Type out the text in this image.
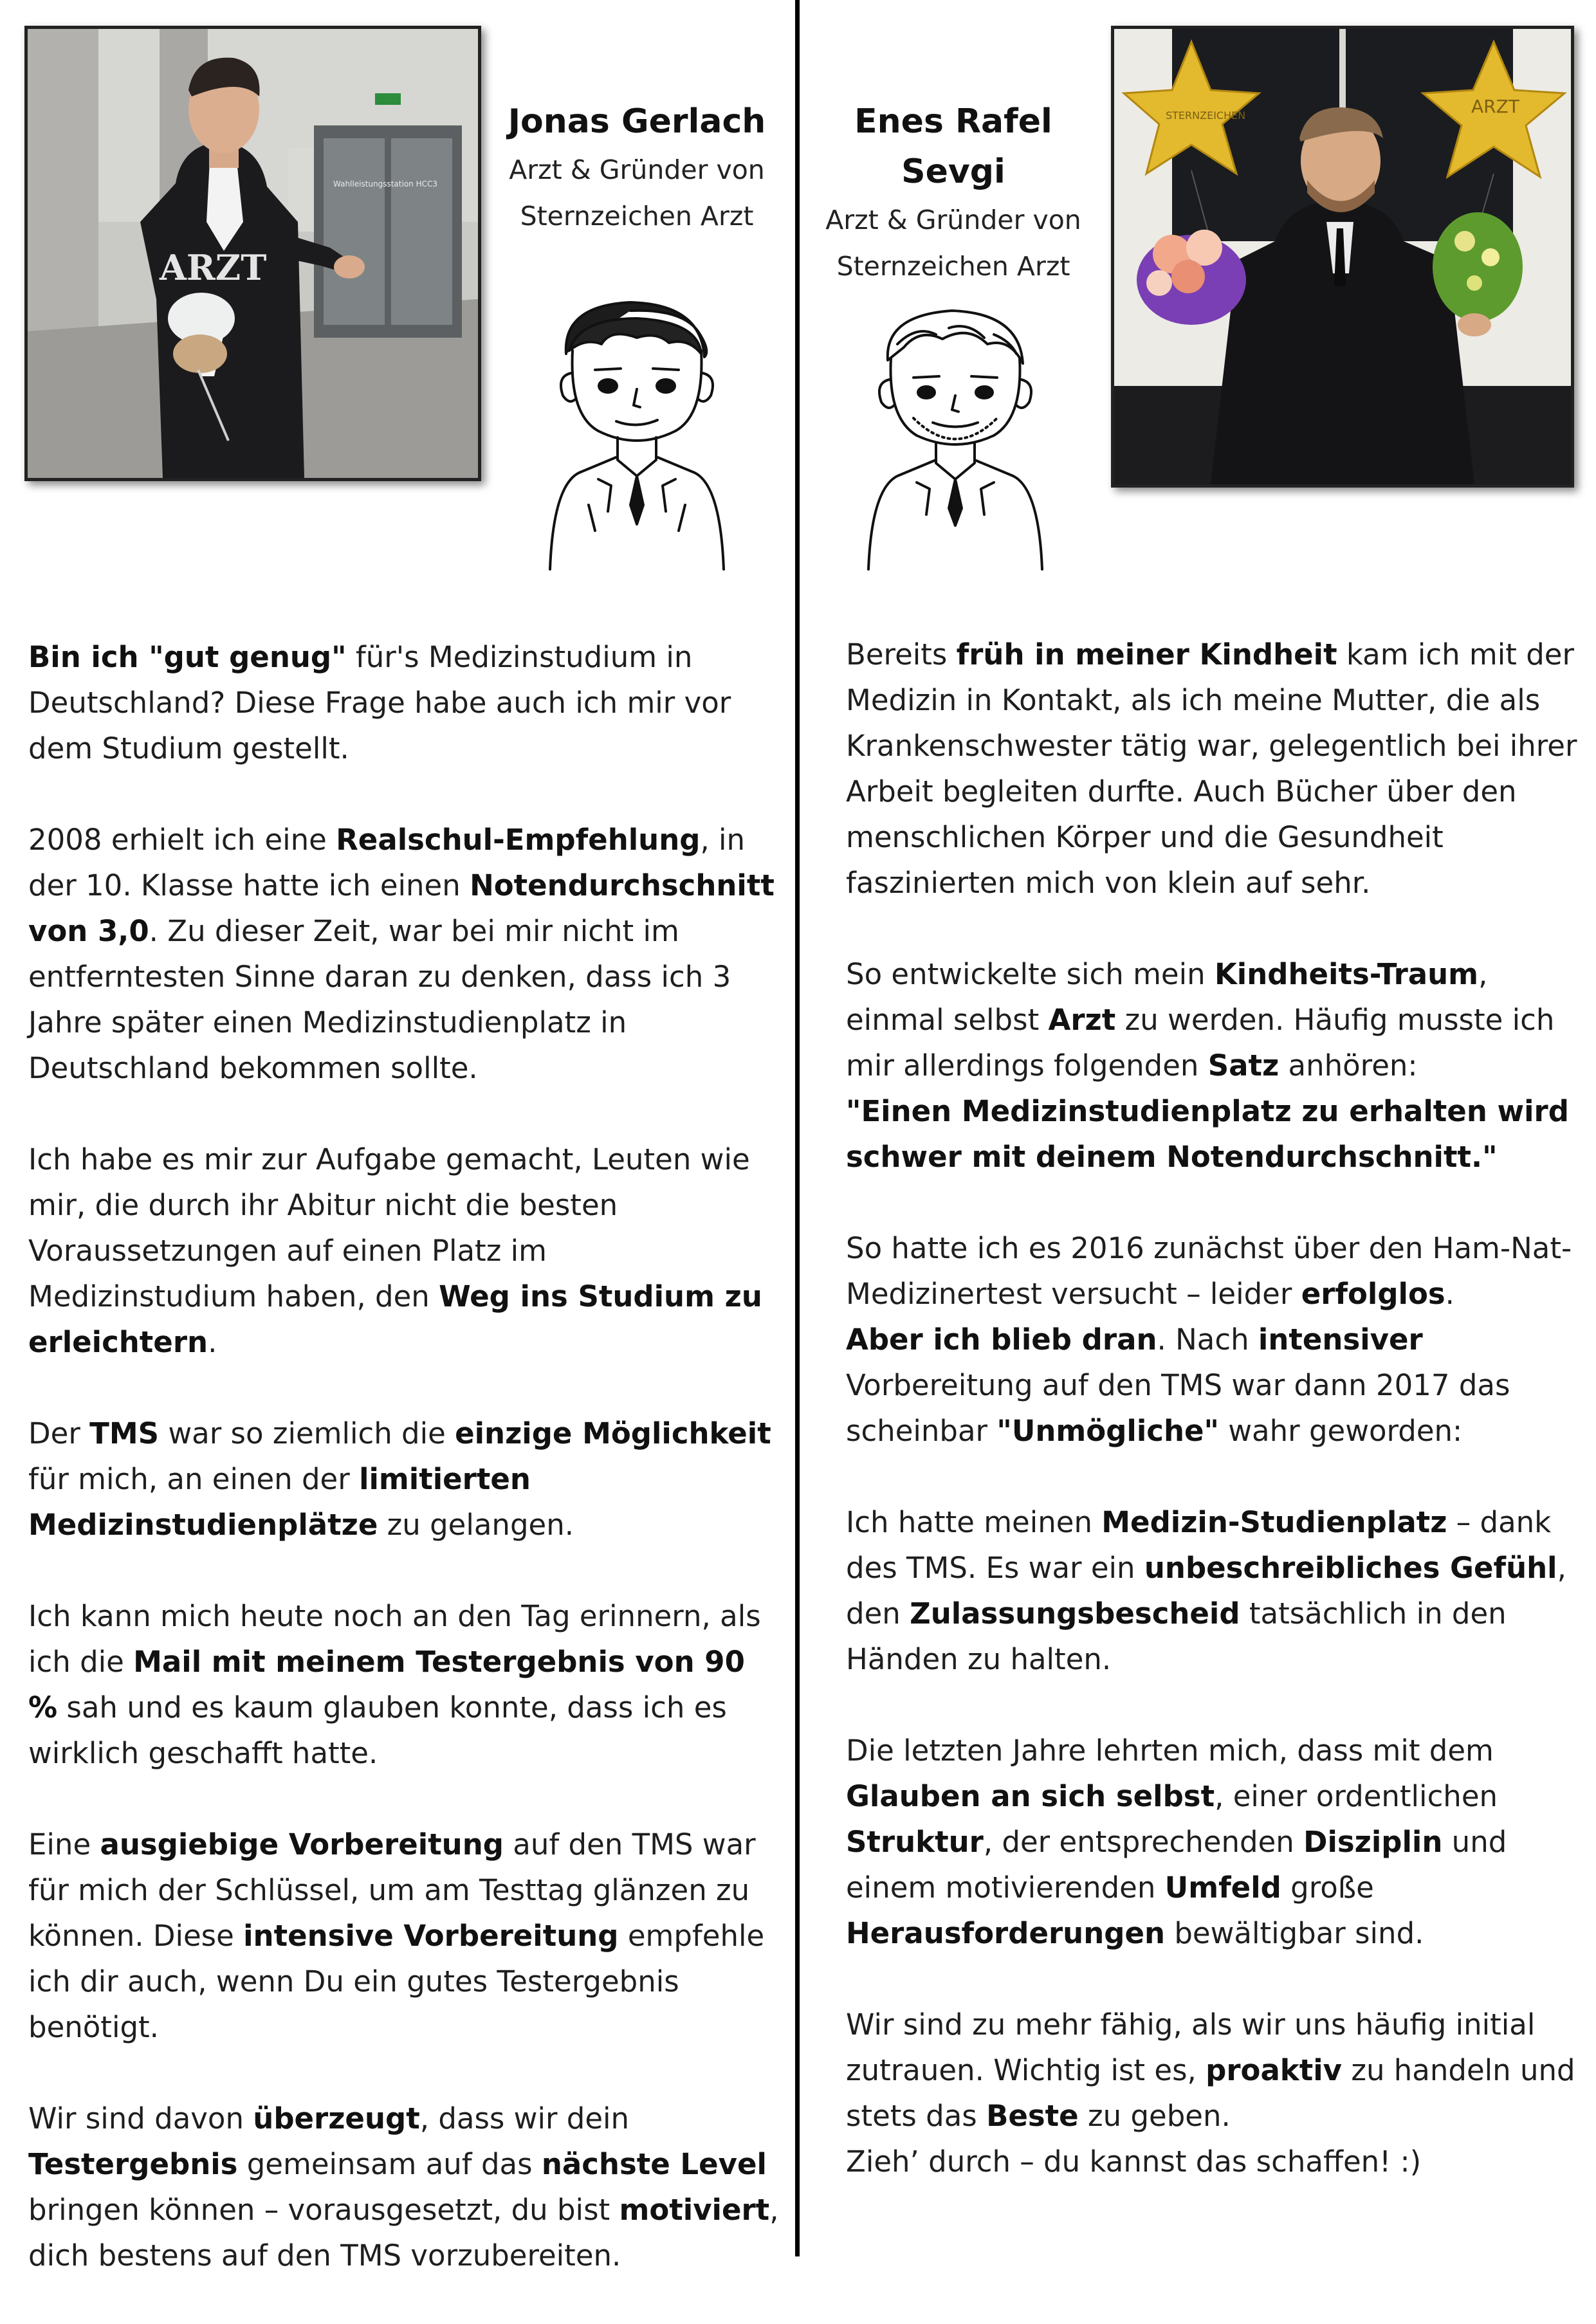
Wahlleistungsstation HCC3
ARZT
STERNZEICHEN	ARZT
Jonas Gerlach
Arzt & Gründer von
Sternzeichen Arzt
Enes Rafel Sevgi
Arzt & Gründer von
Sternzeichen Arzt

Bin ich "gut genug" für's Medizinstudium in Deutschland? Diese Frage habe auch ich mir vor dem Studium gestellt.

2008 erhielt ich eine Realschul-Empfehlung, in der 10. Klasse hatte ich einen Notendurchschnitt von 3,0. Zu dieser Zeit, war bei mir nicht im entferntesten Sinne daran zu denken, dass ich 3 Jahre später einen Medizinstudienplatz in Deutschland bekommen sollte.

Ich habe es mir zur Aufgabe gemacht, Leuten wie mir, die durch ihr Abitur nicht die besten Voraussetzungen auf einen Platz im Medizinstudium haben, den Weg ins Studium zu erleichtern.

Der TMS war so ziemlich die einzige Möglichkeit für mich, an einen der limitierten Medizinstudienplätze zu gelangen.

Ich kann mich heute noch an den Tag erinnern, als ich die Mail mit meinem Testergebnis von 90 % sah und es kaum glauben konnte, dass ich es wirklich geschafft hatte.

Eine ausgiebige Vorbereitung auf den TMS war für mich der Schlüssel, um am Testtag glänzen zu können. Diese intensive Vorbereitung empfehle ich dir auch, wenn Du ein gutes Testergebnis benötigt.

Wir sind davon überzeugt, dass wir dein Testergebnis gemeinsam auf das nächste Level bringen können – vorausgesetzt, du bist motiviert, dich bestens auf den TMS vorzubereiten.

Bereits früh in meiner Kindheit kam ich mit der Medizin in Kontakt, als ich meine Mutter, die als Krankenschwester tätig war, gelegentlich bei ihrer Arbeit begleiten durfte. Auch Bücher über den menschlichen Körper und die Gesundheit faszinierten mich von klein auf sehr.

So entwickelte sich mein Kindheits-Traum, einmal selbst Arzt zu werden. Häufig musste ich mir allerdings folgenden Satz anhören:
"Einen Medizinstudienplatz zu erhalten wird schwer mit deinem Notendurchschnitt."

So hatte ich es 2016 zunächst über den Ham-Nat-Medizinertest versucht – leider erfolglos.
Aber ich blieb dran. Nach intensiver Vorbereitung auf den TMS war dann 2017 das scheinbar "Unmögliche" wahr geworden:

Ich hatte meinen Medizin-Studienplatz – dank des TMS. Es war ein unbeschreibliches Gefühl, den Zulassungsbescheid tatsächlich in den Händen zu halten.

Die letzten Jahre lehrten mich, dass mit dem Glauben an sich selbst, einer ordentlichen Struktur, der entsprechenden Disziplin und einem motivierenden Umfeld große Herausforderungen bewältigbar sind.

Wir sind zu mehr fähig, als wir uns häufig initial zutrauen. Wichtig ist es, proaktiv zu handeln und stets das Beste zu geben.
Zieh’ durch – du kannst das schaffen! :)
